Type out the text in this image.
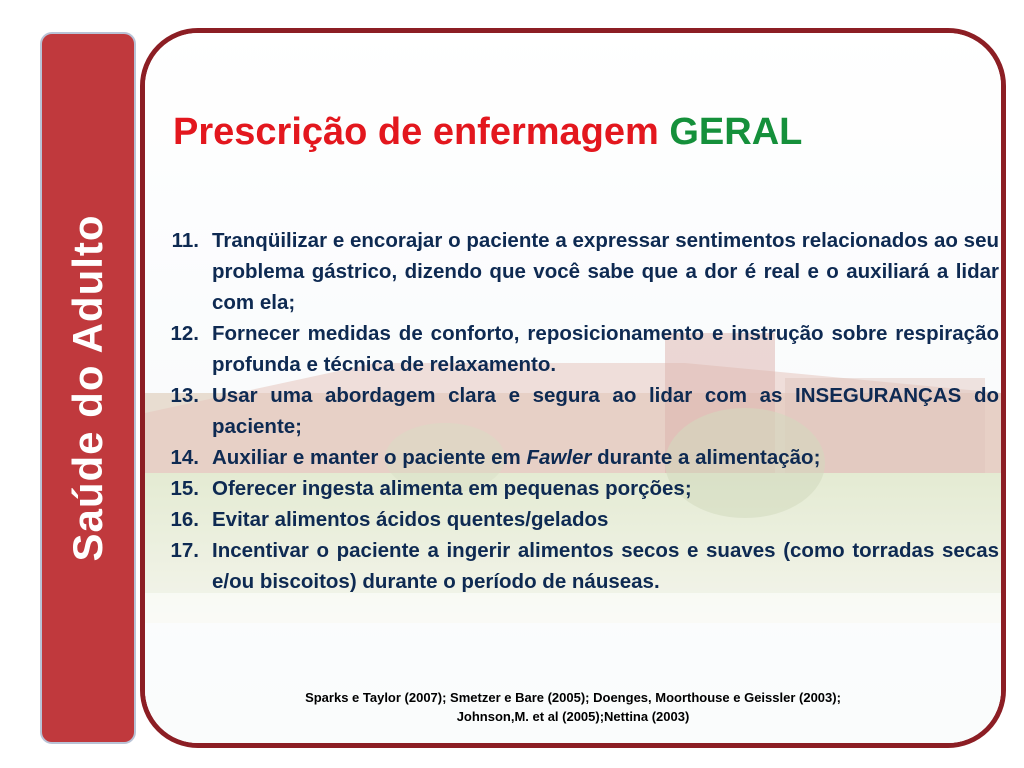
Saúde do Adulto
Prescrição de enfermagem GERAL
11. Tranqüilizar e encorajar o paciente a expressar sentimentos relacionados ao seu problema gástrico, dizendo que você sabe que a dor é real e o auxiliará a lidar com ela;
12. Fornecer medidas de conforto, reposicionamento e instrução sobre respiração profunda e técnica de relaxamento.
13. Usar uma abordagem clara e segura ao lidar com as INSEGURANÇAS do paciente;
14. Auxiliar e manter o paciente em Fawler durante a alimentação;
15. Oferecer ingesta alimenta em pequenas porções;
16. Evitar alimentos ácidos quentes/gelados
17. Incentivar o paciente a ingerir alimentos secos e suaves (como torradas secas e/ou biscoitos) durante o período de náuseas.
Sparks e Taylor (2007); Smetzer e Bare (2005); Doenges, Moorthouse e Geissler (2003);
Johnson,M. et al (2005);Nettina (2003)
